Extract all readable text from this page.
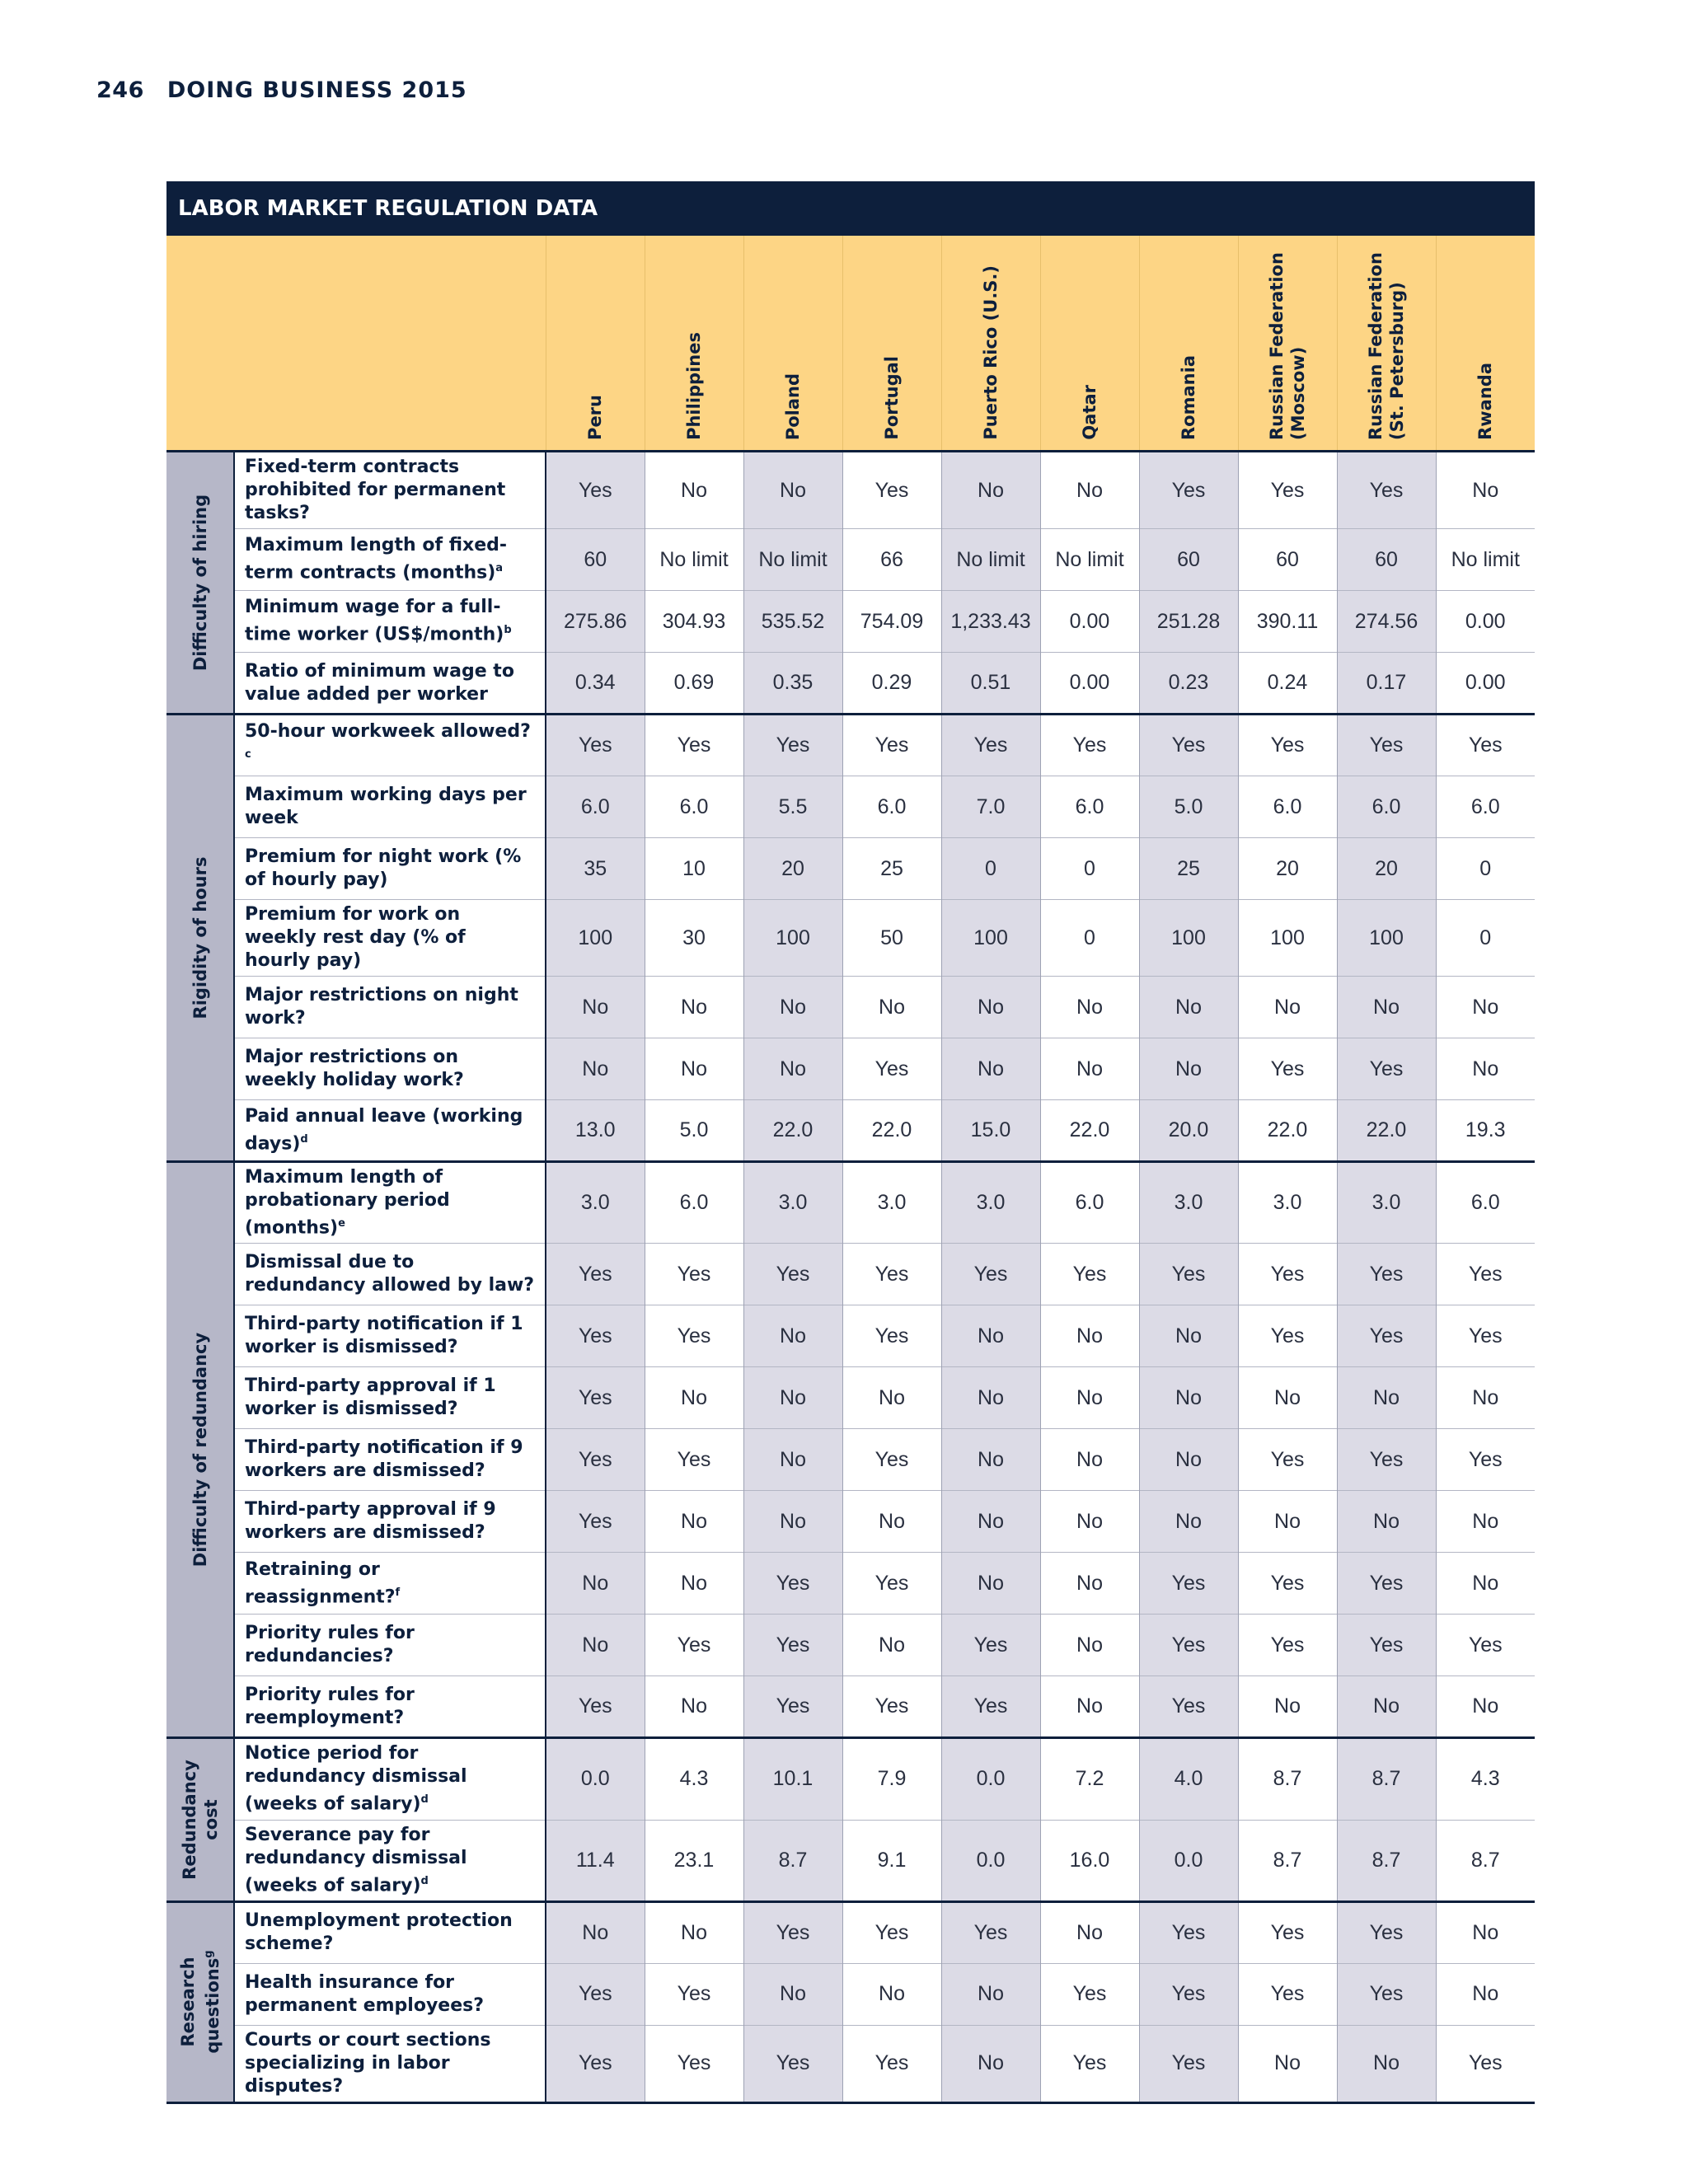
246 DOING BUSINESS 2015
LABOR MARKET REGULATION DATA

		Peru	Philippines	Poland	Portugal	Puerto Rico (U.S.)	Qatar	Romania	Russian Federation (Moscow)	Russian Federation (St. Petersburg)	Rwanda

Difficulty of hiring	Fixed-term contracts prohibited for permanent tasks?	Yes	No	No	Yes	No	No	Yes	Yes	Yes	No
	Maximum length of fixed-term contracts (months)$^a$	60	No limit	No limit	66	No limit	No limit	60	60	60	No limit
	Minimum wage for a full-time worker (US$/month)$^b$	275.86	304.93	535.52	754.09	1,233.43	0.00	251.28	390.11	274.56	0.00
	Ratio of minimum wage to value added per worker	0.34	0.69	0.35	0.29	0.51	0.00	0.23	0.24	0.17	0.00

Rigidity of hours	50-hour workweek allowed?$^c$	Yes	Yes	Yes	Yes	Yes	Yes	Yes	Yes	Yes	Yes
	Maximum working days per week	6.0	6.0	5.5	6.0	7.0	6.0	5.0	6.0	6.0	6.0
	Premium for night work (% of hourly pay)	35	10	20	25	0	0	25	20	20	0
	Premium for work on weekly rest day (% of hourly pay)	100	30	100	50	100	0	100	100	100	0
	Major restrictions on night work?	No	No	No	No	No	No	No	No	No	No
	Major restrictions on weekly holiday work?	No	No	No	Yes	No	No	No	Yes	Yes	No
	Paid annual leave (working days)$^d$	13.0	5.0	22.0	22.0	15.0	22.0	20.0	22.0	22.0	19.3

Difficulty of redundancy	Maximum length of probationary period (months)$^e$	3.0	6.0	3.0	3.0	3.0	6.0	3.0	3.0	3.0	6.0
	Dismissal due to redundancy allowed by law?	Yes	Yes	Yes	Yes	Yes	Yes	Yes	Yes	Yes	Yes
	Third-party notification if 1 worker is dismissed?	Yes	Yes	No	Yes	No	No	No	Yes	Yes	Yes
	Third-party approval if 1 worker is dismissed?	Yes	No	No	No	No	No	No	No	No	No
	Third-party notification if 9 workers are dismissed?	Yes	Yes	No	Yes	No	No	No	Yes	Yes	Yes
	Third-party approval if 9 workers are dismissed?	Yes	No	No	No	No	No	No	No	No	No
	Retraining or reassignment?$^f$	No	No	Yes	Yes	No	No	Yes	Yes	Yes	No
	Priority rules for redundancies?	No	Yes	Yes	No	Yes	No	Yes	Yes	Yes	Yes
	Priority rules for reemployment?	Yes	No	Yes	Yes	Yes	No	Yes	No	No	No

Redundancy
cost	Notice period for redundancy dismissal (weeks of salary)$^d$	0.0	4.3	10.1	7.9	0.0	7.2	4.0	8.7	8.7	4.3
	Severance pay for redundancy dismissal (weeks of salary)$^d$	11.4	23.1	8.7	9.1	0.0	16.0	0.0	8.7	8.7	8.7

Research questions$^g$	Unemployment protection scheme?	No	No	Yes	Yes	Yes	No	Yes	Yes	Yes	No
	Health insurance for permanent employees?	Yes	Yes	No	No	No	Yes	Yes	Yes	Yes	No
	Courts or court sections specializing in labor disputes?	Yes	Yes	Yes	Yes	No	Yes	Yes	No	No	Yes
